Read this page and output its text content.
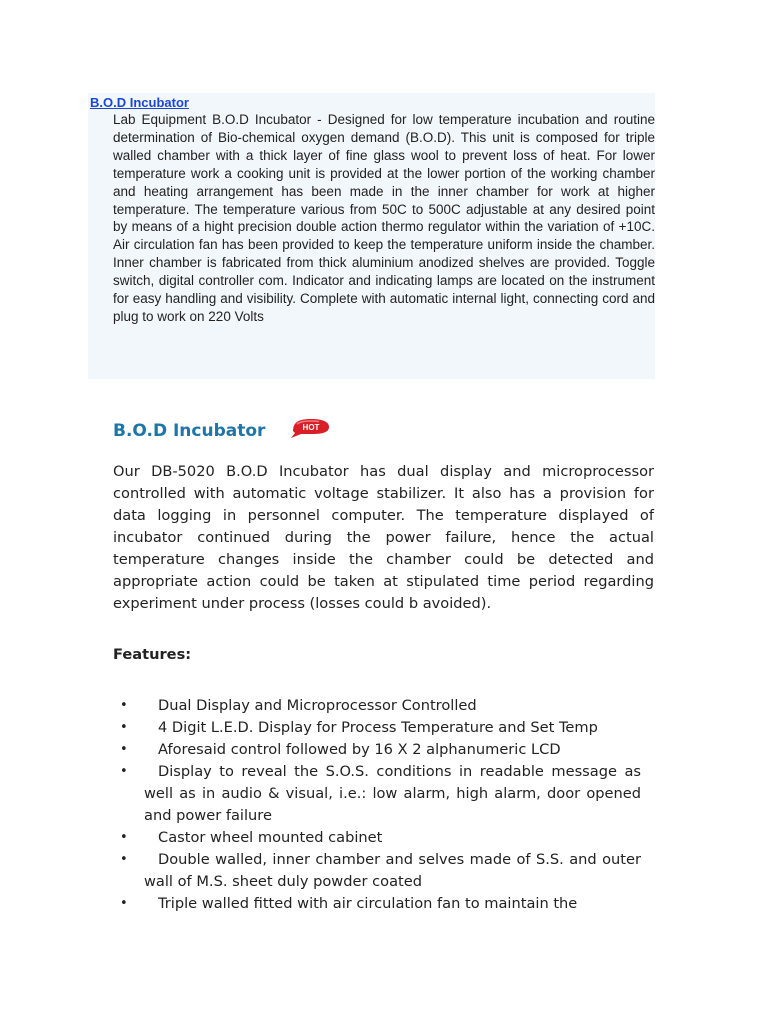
B.O.D Incubator

Lab Equipment B.O.D Incubator - Designed for low temperature incubation and routine determination of Bio-chemical oxygen demand (B.O.D). This unit is composed for triple walled chamber with a thick layer of fine glass wool to prevent loss of heat. For lower temperature work a cooking unit is provided at the lower portion of the working chamber and heating arrangement has been made in the inner chamber for work at higher temperature. The temperature various from 50C to 500C adjustable at any desired point by means of a hight precision double action thermo regulator within the variation of +10C. Air circulation fan has been provided to keep the temperature uniform inside the chamber. Inner chamber is fabricated from thick aluminium anodized shelves are provided. Toggle switch, digital controller com. Indicator and indicating lamps are located on the instrument for easy handling and visibility. Complete with automatic internal light, connecting cord and plug to work on 220 Volts

B.O.D Incubator	HOT

Our DB-5020 B.O.D Incubator has dual display and microprocessor controlled with automatic voltage stabilizer. It also has a provision for data logging in personnel computer. The temperature displayed of incubator continued during the power failure, hence the actual temperature changes inside the chamber could be detected and appropriate action could be taken at stipulated time period regarding experiment under process (losses could b avoided).

Features:
•	Dual Display and Microprocessor Controlled
•	4 Digit L.E.D. Display for Process Temperature and Set Temp
•	Aforesaid control followed by 16 X 2 alphanumeric LCD
•	Display to reveal the S.O.S. conditions in readable message as well as in audio & visual, i.e.: low alarm, high alarm, door opened and power failure
•	Castor wheel mounted cabinet
•	Double walled, inner chamber and selves made of S.S. and outer wall of M.S. sheet duly powder coated
•	Triple walled fitted with air circulation fan to maintain the
